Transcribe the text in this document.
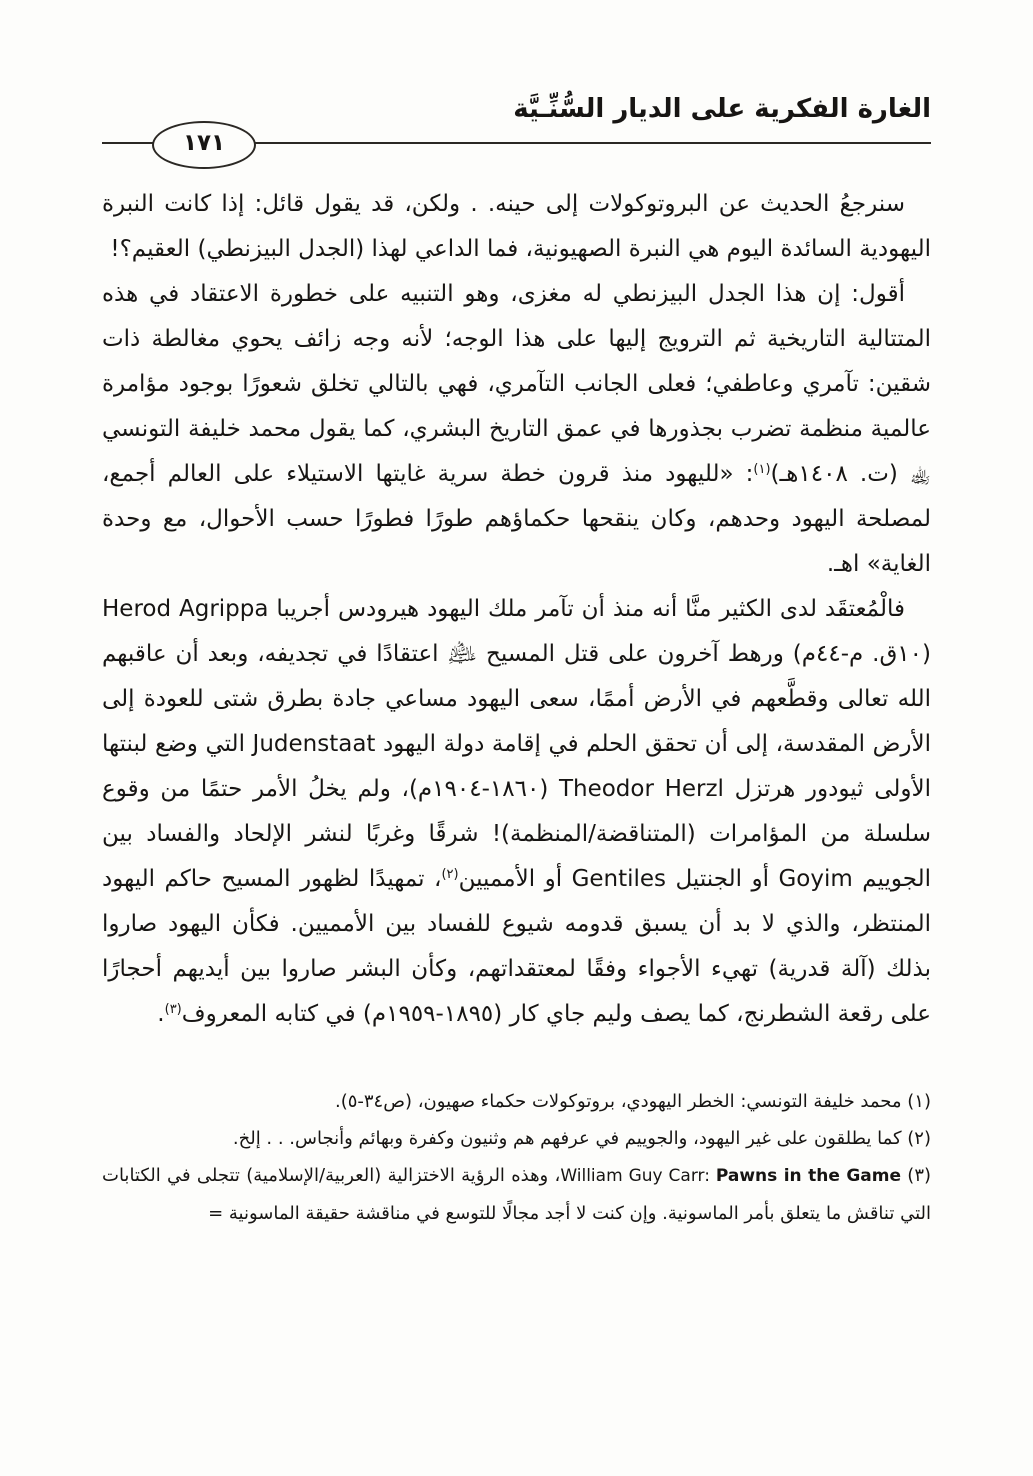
الغارة الفكرية على الديار السُّنِّـيَّة
١٧١

سنرجعُ الحديث عن البروتوكولات إلى حينه. . ولكن، قد يقول قائل: إذا كانت النبرة اليهودية السائدة اليوم هي النبرة الصهيونية، فما الداعي لهذا (الجدل البيزنطي) العقيم؟!

أقول: إن هذا الجدل البيزنطي له مغزى، وهو التنبيه على خطورة الاعتقاد في هذه المتتالية التاريخية ثم الترويج إليها على هذا الوجه؛ لأنه وجه زائف يحوي مغالطة ذات شقين: تآمري وعاطفي؛ فعلى الجانب التآمري، فهي بالتالي تخلق شعورًا بوجود مؤامرة عالمية منظمة تضرب بجذورها في عمق التاريخ البشري، كما يقول محمد خليفة التونسي ﵀ (ت. ١٤٠٨هـ)$^{(١)}$: «لليهود منذ قرون خطة سرية غايتها الاستيلاء على العالم أجمع، لمصلحة اليهود وحدهم، وكان ينقحها حكماؤهم طورًا فطورًا حسب الأحوال، مع وحدة الغاية» اهـ.

فالْمُعتقَد لدى الكثير منَّا أنه منذ أن تآمر ملك اليهود هيرودس أجريبا Herod Agrippa (١٠ق. م-٤٤م) ورهط آخرون على قتل المسيح ﵇ اعتقادًا في تجديفه، وبعد أن عاقبهم الله تعالى وقطَّعهم في الأرض أممًا، سعى اليهود مساعي جادة بطرق شتى للعودة إلى الأرض المقدسة، إلى أن تحقق الحلم في إقامة دولة اليهود Judenstaat التي وضع لبنتها الأولى ثيودور هرتزل Theodor Herzl (١٨٦٠-١٩٠٤م)، ولم يخلُ الأمر حتمًا من وقوع سلسلة من المؤامرات (المتناقضة/المنظمة)! شرقًا وغربًا لنشر الإلحاد والفساد بين الجوييم Goyim أو الجنتيل Gentiles أو الأمميين$^{(٢)}$، تمهيدًا لظهور المسيح حاكم اليهود المنتظر، والذي لا بد أن يسبق قدومه شيوع للفساد بين الأمميين. فكأن اليهود صاروا بذلك (آلة قدرية) تهيء الأجواء وفقًا لمعتقداتهم، وكأن البشر صاروا بين أيديهم أحجارًا على رقعة الشطرنج، كما يصف وليم جاي كار (١٨٩٥-١٩٥٩م) في كتابه المعروف$^{(٣)}$.

(١) محمد خليفة التونسي: الخطر اليهودي، بروتوكولات حكماء صهيون، (ص٣٤-٥).

(٢) كما يطلقون على غير اليهود، والجوييم في عرفهم هم وثنيون وكفرة وبهائم وأنجاس. . . إلخ.

(٣) William Guy Carr: Pawns in the Game، وهذه الرؤية الاختزالية (العربية/الإسلامية) تتجلى في الكتابات التي تناقش ما يتعلق بأمر الماسونية. وإن كنت لا أجد مجالًا للتوسع في مناقشة حقيقة الماسونية =
